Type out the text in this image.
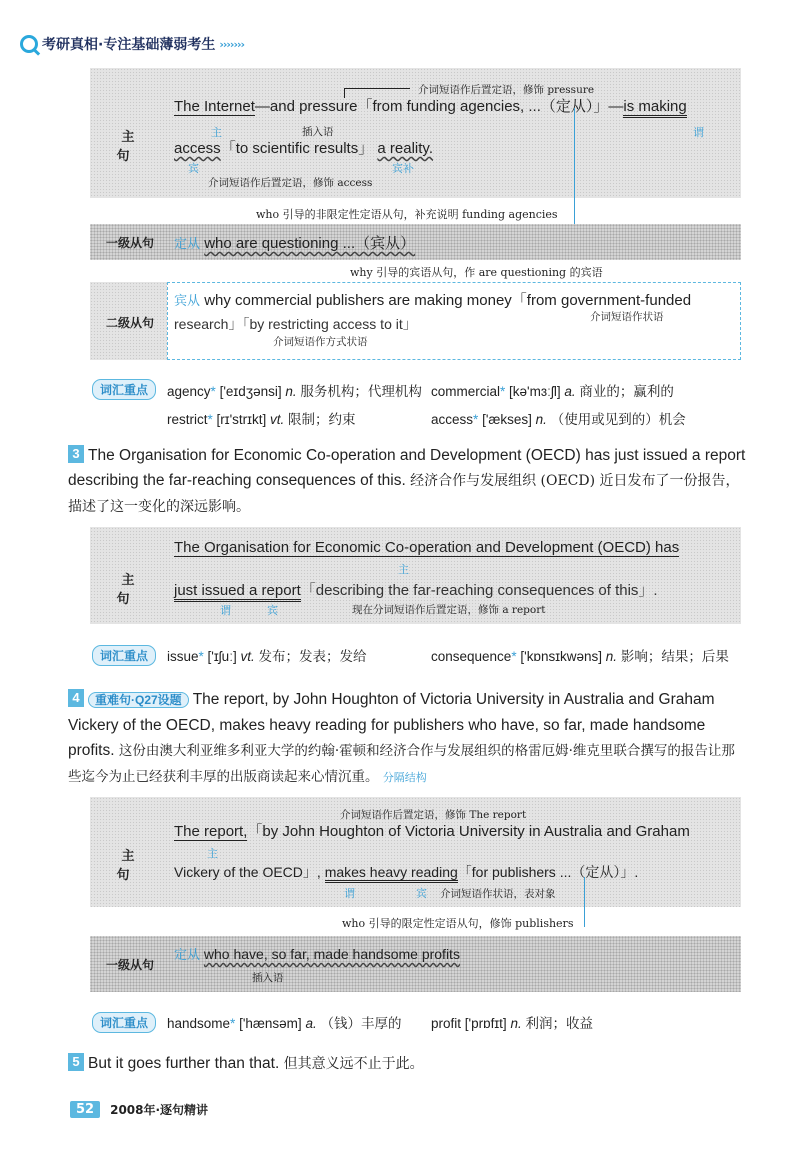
考研真相·专注基础薄弱考生 ›››››››
主 句
介词短语作后置定语，修饰 pressure
The Internet—and pressure「from funding agencies, ...（定从）」—is making
主	插入语	谓
access「to scientific results」 a reality.
宾	宾补
介词短语作后置定语，修饰 access
who 引导的非限定性定语从句，补充说明 funding agencies
一级从句	定从 who are questioning ...（宾从）
why 引导的宾语从句，作 are questioning 的宾语
二级从句
宾从 why commercial publishers are making money「from government-funded
research」「by restricting access to it」	介词短语作状语
介词短语作方式状语
词汇重点	agency* ['eɪdʒənsi] n. 服务机构；代理机构 commercial* [kə'mɜːʃl] a. 商业的；赢利的
restrict* [rɪ'strɪkt] vt. 限制；约束	access* ['ækses] n. （使用或见到的）机会
3 The Organisation for Economic Co-operation and Development (OECD) has just issued a report describing the far-reaching consequences of this. 经济合作与发展组织 (OECD) 近日发布了一份报告，描述了这一变化的深远影响。
主 句
The Organisation for Economic Co-operation and Development (OECD) has
主
just issued a report「describing the far-reaching consequences of this」.
谓	宾	现在分词短语作后置定语，修饰 a report
词汇重点	issue* ['ɪʃuː] vt. 发布；发表；发给	consequence* ['kɒnsɪkwəns] n. 影响；结果；后果
4 重难句·Q27设题 The report, by John Houghton of Victoria University in Australia and Graham Vickery of the OECD, makes heavy reading for publishers who have, so far, made handsome profits. 这份由澳大利亚维多利亚大学的约翰·霍顿和经济合作与发展组织的格雷厄姆·维克里联合撰写的报告让那些迄今为止已经获利丰厚的出版商读起来心情沉重。 分隔结构
主 句
介词短语作后置定语，修饰 The report
The report,「by John Houghton of Victoria University in Australia and Graham
主
Vickery of the OECD」, makes heavy reading「for publishers ...（定从）」.
谓	宾 介词短语作状语，表对象
who 引导的限定性定语从句，修饰 publishers
一级从句
定从 who have, so far, made handsome profits
插入语
词汇重点	handsome* ['hænsəm] a. （钱）丰厚的 profit ['prɒfɪt] n. 利润；收益
5 But it goes further than that. 但其意义远不止于此。
52	2008年·逐句精讲
